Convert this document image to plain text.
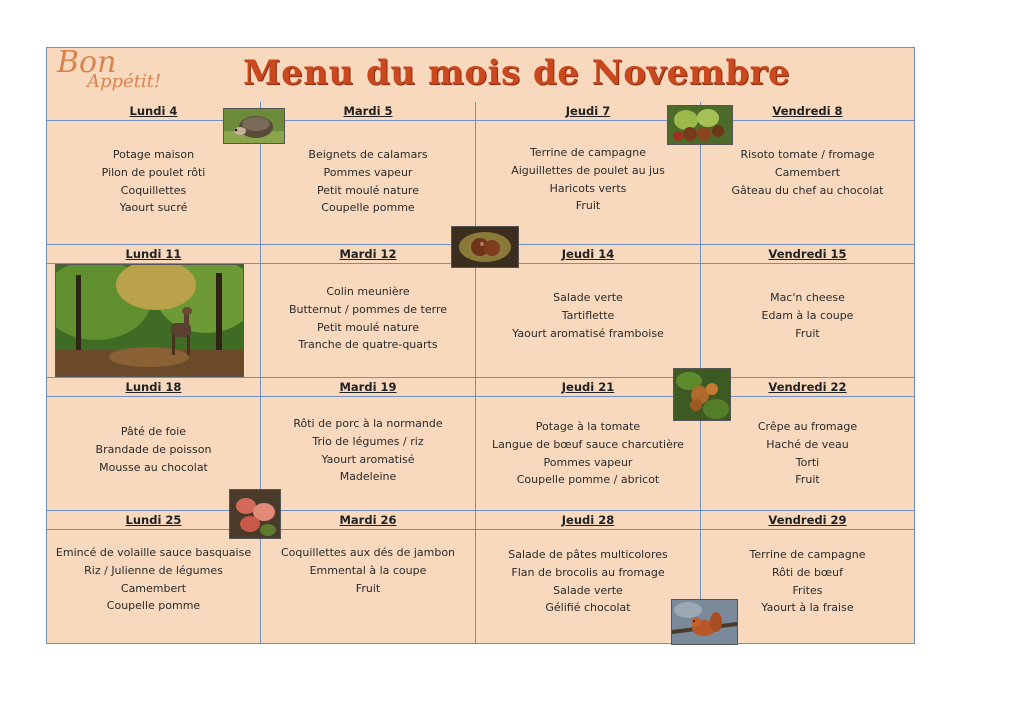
Bon
Appétit! Menu du mois de Novembre
Lundi 4
Potage maison
Pilon de poulet rôti
Coquillettes
Yaourt sucré
Mardi 5
Beignets de calamars
Pommes vapeur
Petit moulé nature
Coupelle pomme
Jeudi 7
Terrine de campagne
Aiguillettes de poulet au jus
Haricots verts
Fruit
Vendredi 8
Risoto tomate / fromage
Camembert
Gâteau du chef au chocolat
Lundi 11	Mardi 12
Colin meunière
Butternut / pommes de terre
Petit moulé nature
Tranche de quatre-quarts
Jeudi 14
Salade verte
Tartiflette
Yaourt aromatisé framboise
Vendredi 15
Mac'n cheese
Edam à la coupe
Fruit
Lundi 18
Pâté de foie
Brandade de poisson
Mousse au chocolat
Mardi 19
Rôti de porc à la normande
Trio de légumes / riz
Yaourt aromatisé
Madeleine
Jeudi 21
Potage à la tomate
Langue de bœuf sauce charcutière
Pommes vapeur
Coupelle pomme / abricot
Vendredi 22
Crêpe au fromage
Haché de veau
Torti
Fruit
Lundi 25
Emincé de volaille sauce basquaise
Riz / Julienne de légumes
Camembert
Coupelle pomme
Mardi 26
Coquillettes aux dés de jambon
Emmental à la coupe
Fruit
Jeudi 28
Salade de pâtes multicolores
Flan de brocolis au fromage
Salade verte
Gélifié chocolat
Vendredi 29
Terrine de campagne
Rôti de bœuf
Frites
Yaourt à la fraise
